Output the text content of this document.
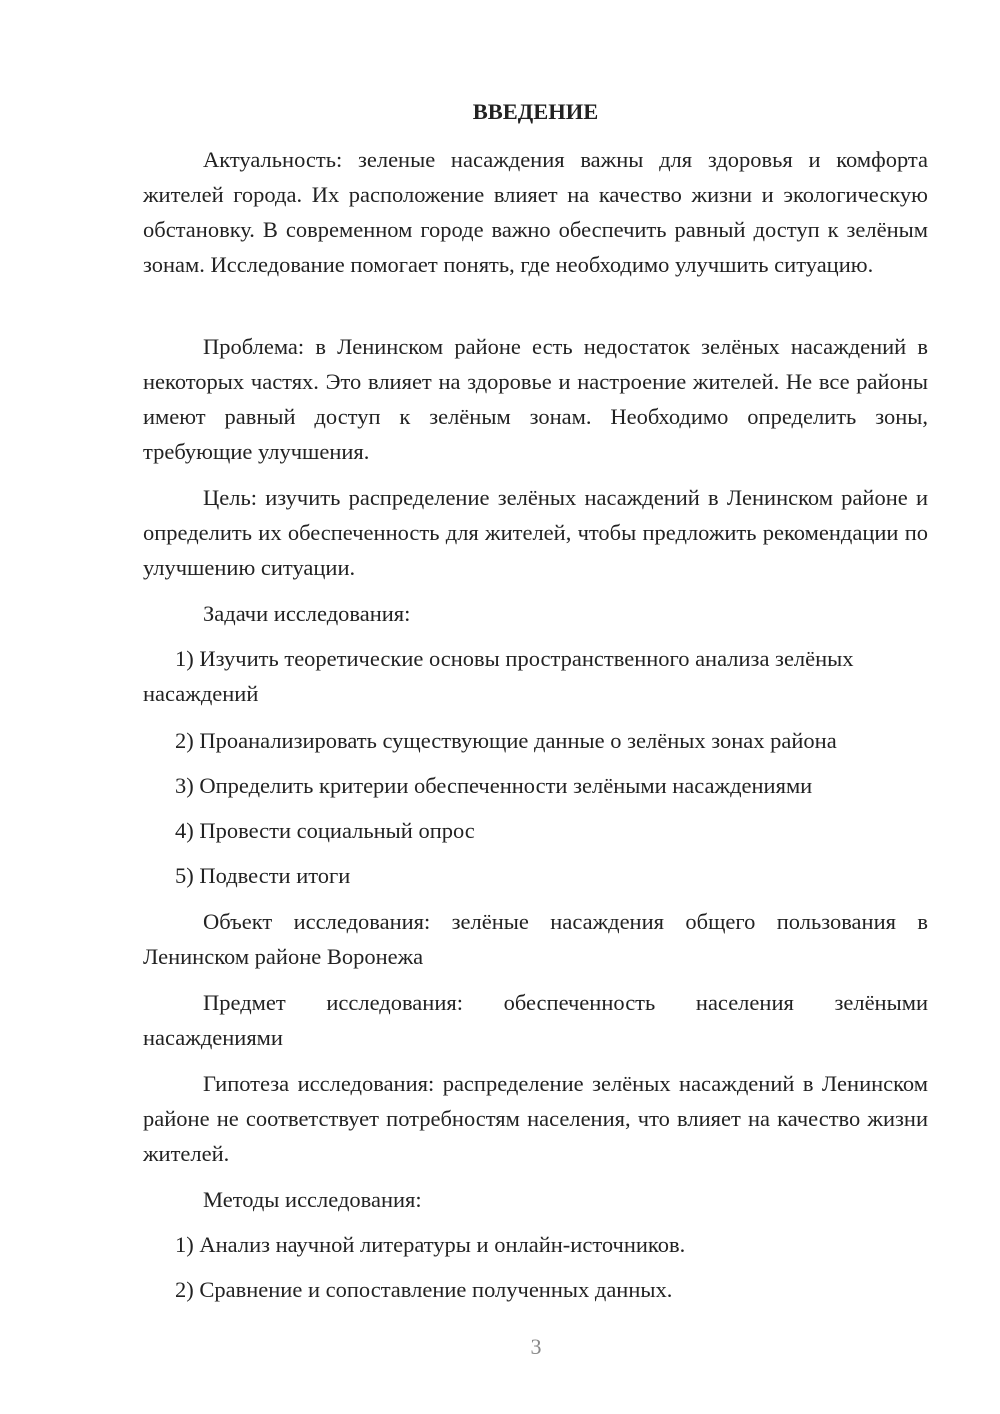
ВВЕДЕНИЕ

Актуальность: зеленые насаждения важны для здоровья и комфорта жителей города. Их расположение влияет на качество жизни и экологическую обстановку. В современном городе важно обеспечить равный доступ к зелёным зонам. Исследование помогает понять, где необходимо улучшить ситуацию.

Проблема: в Ленинском районе есть недостаток зелёных насаждений в некоторых частях. Это влияет на здоровье и настроение жителей. Не все районы имеют равный доступ к зелёным зонам. Необходимо определить зоны, требующие улучшения.

Цель: изучить распределение зелёных насаждений в Ленинском районе и определить их обеспеченность для жителей, чтобы предложить рекомендации по улучшению ситуации.

Задачи исследования:

1) Изучить теоретические основы пространственного анализа зелёных насаждений

2) Проанализировать существующие данные о зелёных зонах района

3) Определить критерии обеспеченности зелёными насаждениями

4) Провести социальный опрос

5) Подвести итоги

Объект исследования: зелёные насаждения общего пользования в Ленинском районе Воронежа

Предмет исследования: обеспеченность населения зелёными насаждениями

Гипотеза исследования: распределение зелёных насаждений в Ленинском районе не соответствует потребностям населения, что влияет на качество жизни жителей.

Методы исследования:

1) Анализ научной литературы и онлайн-источников.

2) Сравнение и сопоставление полученных данных.

3
